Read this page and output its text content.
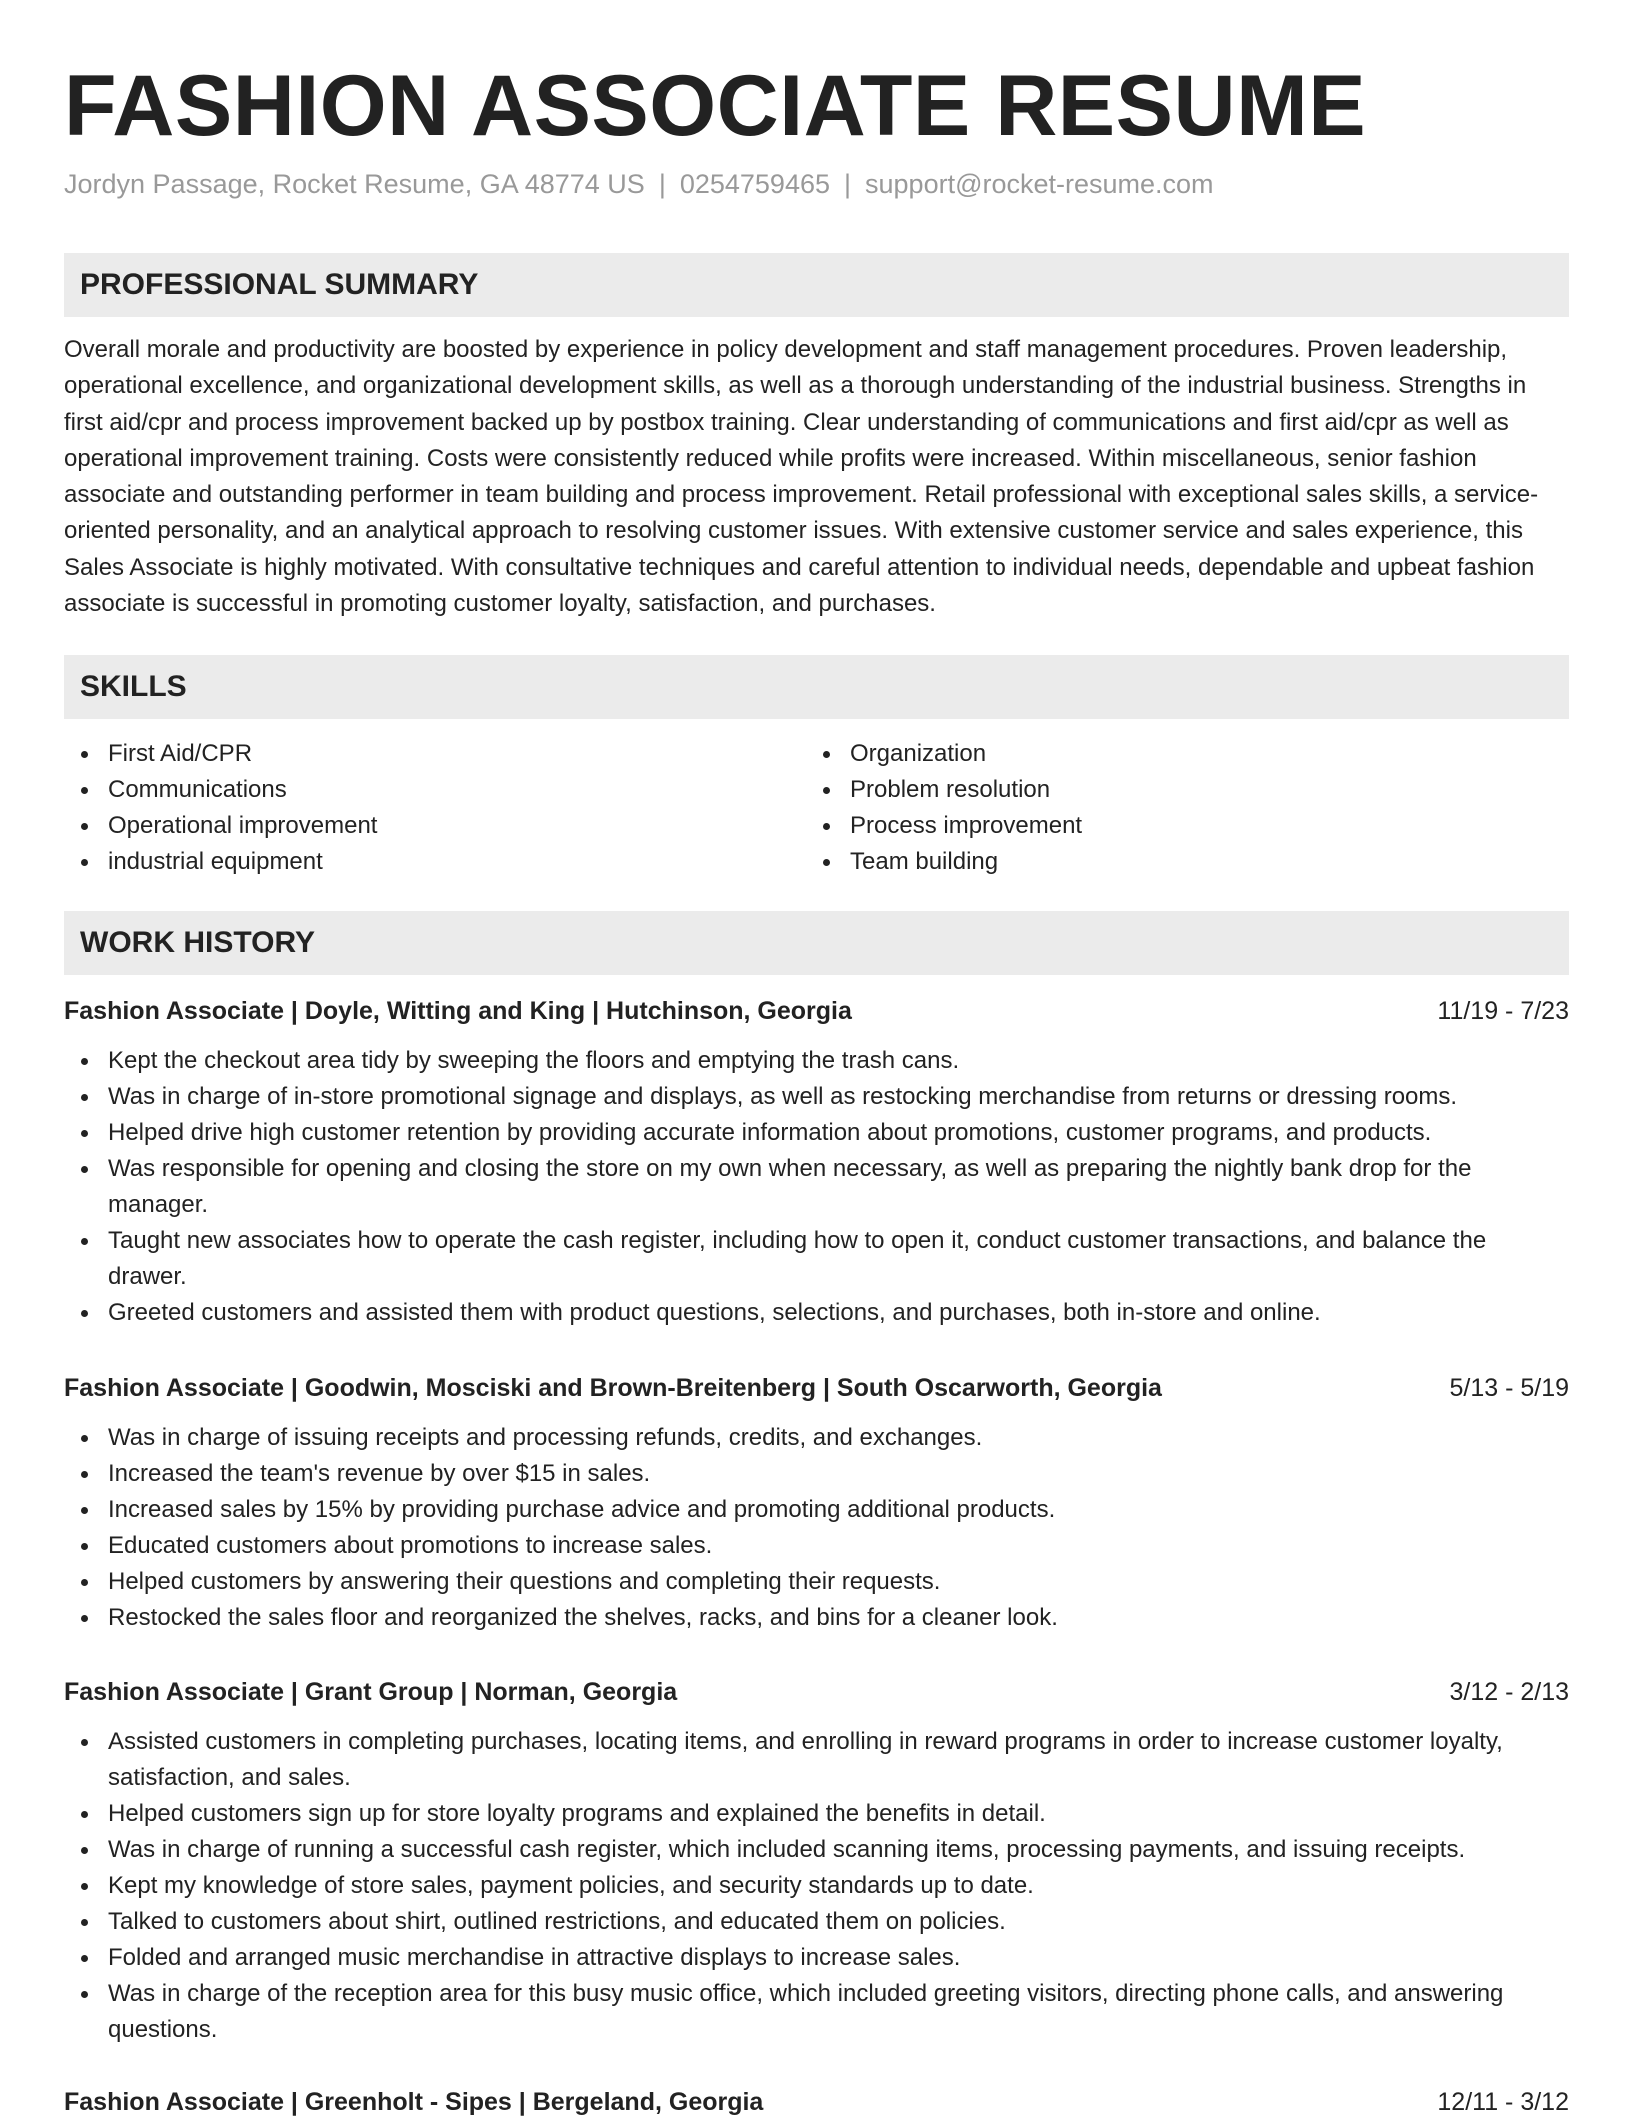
FASHION ASSOCIATE RESUME
Jordyn Passage, Rocket Resume, GA 48774 US | 0254759465 | support@rocket-resume.com
PROFESSIONAL SUMMARY

Overall morale and productivity are boosted by experience in policy development and staff management procedures. Proven leadership, operational excellence, and organizational development skills, as well as a thorough understanding of the industrial business. Strengths in first aid/cpr and process improvement backed up by postbox training. Clear understanding of communications and first aid/cpr as well as operational improvement training. Costs were consistently reduced while profits were increased. Within miscellaneous, senior fashion associate and outstanding performer in team building and process improvement. Retail professional with exceptional sales skills, a service-oriented personality, and an analytical approach to resolving customer issues. With extensive customer service and sales experience, this Sales Associate is highly motivated. With consultative techniques and careful attention to individual needs, dependable and upbeat fashion associate is successful in promoting customer loyalty, satisfaction, and purchases.

SKILLS
First Aid/CPR
Communications
Operational improvement
industrial equipment
Organization
Problem resolution
Process improvement
Team building
WORK HISTORY
Fashion Associate | Doyle, Witting and King | Hutchinson, Georgia	11/19 - 7/23
Kept the checkout area tidy by sweeping the floors and emptying the trash cans.
Was in charge of in-store promotional signage and displays, as well as restocking merchandise from returns or dressing rooms.
Helped drive high customer retention by providing accurate information about promotions, customer programs, and products.
Was responsible for opening and closing the store on my own when necessary, as well as preparing the nightly bank drop for the manager.
Taught new associates how to operate the cash register, including how to open it, conduct customer transactions, and balance the drawer.
Greeted customers and assisted them with product questions, selections, and purchases, both in-store and online.
Fashion Associate | Goodwin, Mosciski and Brown-Breitenberg | South Oscarworth, Georgia	5/13 - 5/19
Was in charge of issuing receipts and processing refunds, credits, and exchanges.
Increased the team's revenue by over $15 in sales.
Increased sales by 15% by providing purchase advice and promoting additional products.
Educated customers about promotions to increase sales.
Helped customers by answering their questions and completing their requests.
Restocked the sales floor and reorganized the shelves, racks, and bins for a cleaner look.
Fashion Associate | Grant Group | Norman, Georgia	3/12 - 2/13
Assisted customers in completing purchases, locating items, and enrolling in reward programs in order to increase customer loyalty, satisfaction, and sales.
Helped customers sign up for store loyalty programs and explained the benefits in detail.
Was in charge of running a successful cash register, which included scanning items, processing payments, and issuing receipts.
Kept my knowledge of store sales, payment policies, and security standards up to date.
Talked to customers about shirt, outlined restrictions, and educated them on policies.
Folded and arranged music merchandise in attractive displays to increase sales.
Was in charge of the reception area for this busy music office, which included greeting visitors, directing phone calls, and answering questions.
Fashion Associate | Greenholt - Sipes | Bergeland, Georgia	12/11 - 3/12
